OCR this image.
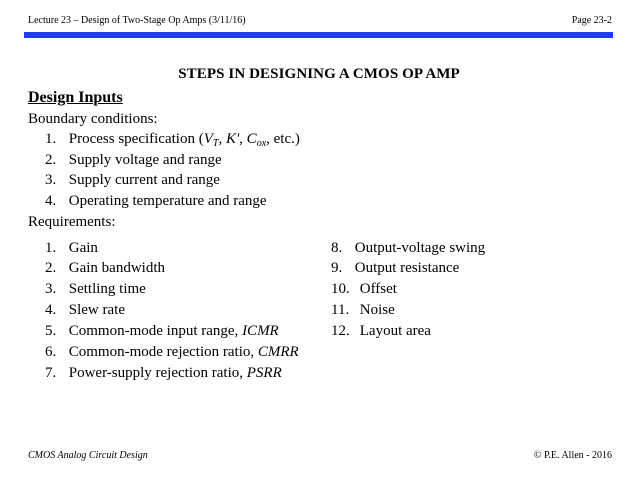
Lecture 23 – Design of Two-Stage Op Amps (3/11/16)	Page 23-2
STEPS IN DESIGNING A CMOS OP AMP
Design Inputs
Boundary conditions:
1. Process specification ($V_T$, K', $C_{ox}$, etc.)
2. Supply voltage and range
3. Supply current and range
4. Operating temperature and range
Requirements:
1. Gain
2. Gain bandwidth
3. Settling time
4. Slew rate
5. Common-mode input range, ICMR
6. Common-mode rejection ratio, CMRR
7. Power-supply rejection ratio, PSRR
8. Output-voltage swing
9. Output resistance
10. Offset
11. Noise
12. Layout area
CMOS Analog Circuit Design	© P.E. Allen - 2016
